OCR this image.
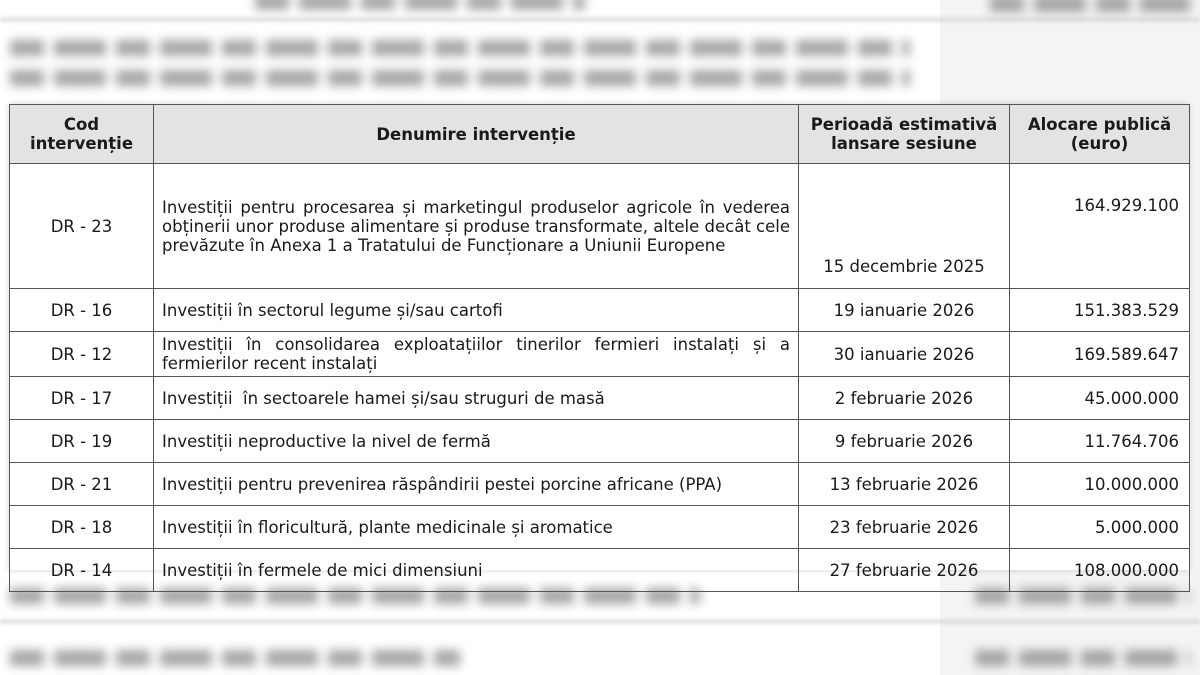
Cod intervenție	Denumire intervenție	Perioadă estimativă lansare sesiune	Alocare publică (euro)
DR - 23	Investiții pentru procesarea și marketingul produselor agricole în vederea obținerii unor produse alimentare și produse transformate, altele decât cele prevăzute în Anexa 1 a Tratatului de Funcționare a Uniunii Europene	15 decembrie 2025	164.929.100
DR - 16	Investiții în sectorul legume și/sau cartofi	19 ianuarie 2026	151.383.529
DR - 12	Investiții în consolidarea exploatațiilor tinerilor fermieri instalați și a fermierilor recent instalați	30 ianuarie 2026	169.589.647
DR - 17	Investiții  în sectoarele hamei și/sau struguri de masă	2 februarie 2026	45.000.000
DR - 19	Investiții neproductive la nivel de fermă	9 februarie 2026	11.764.706
DR - 21	Investiții pentru prevenirea răspândirii pestei porcine africane (PPA)	13 februarie 2026	10.000.000
DR - 18	Investiții în floricultură, plante medicinale și aromatice	23 februarie 2026	5.000.000
DR - 14	Investiții în fermele de mici dimensiuni	27 februarie 2026	108.000.000
